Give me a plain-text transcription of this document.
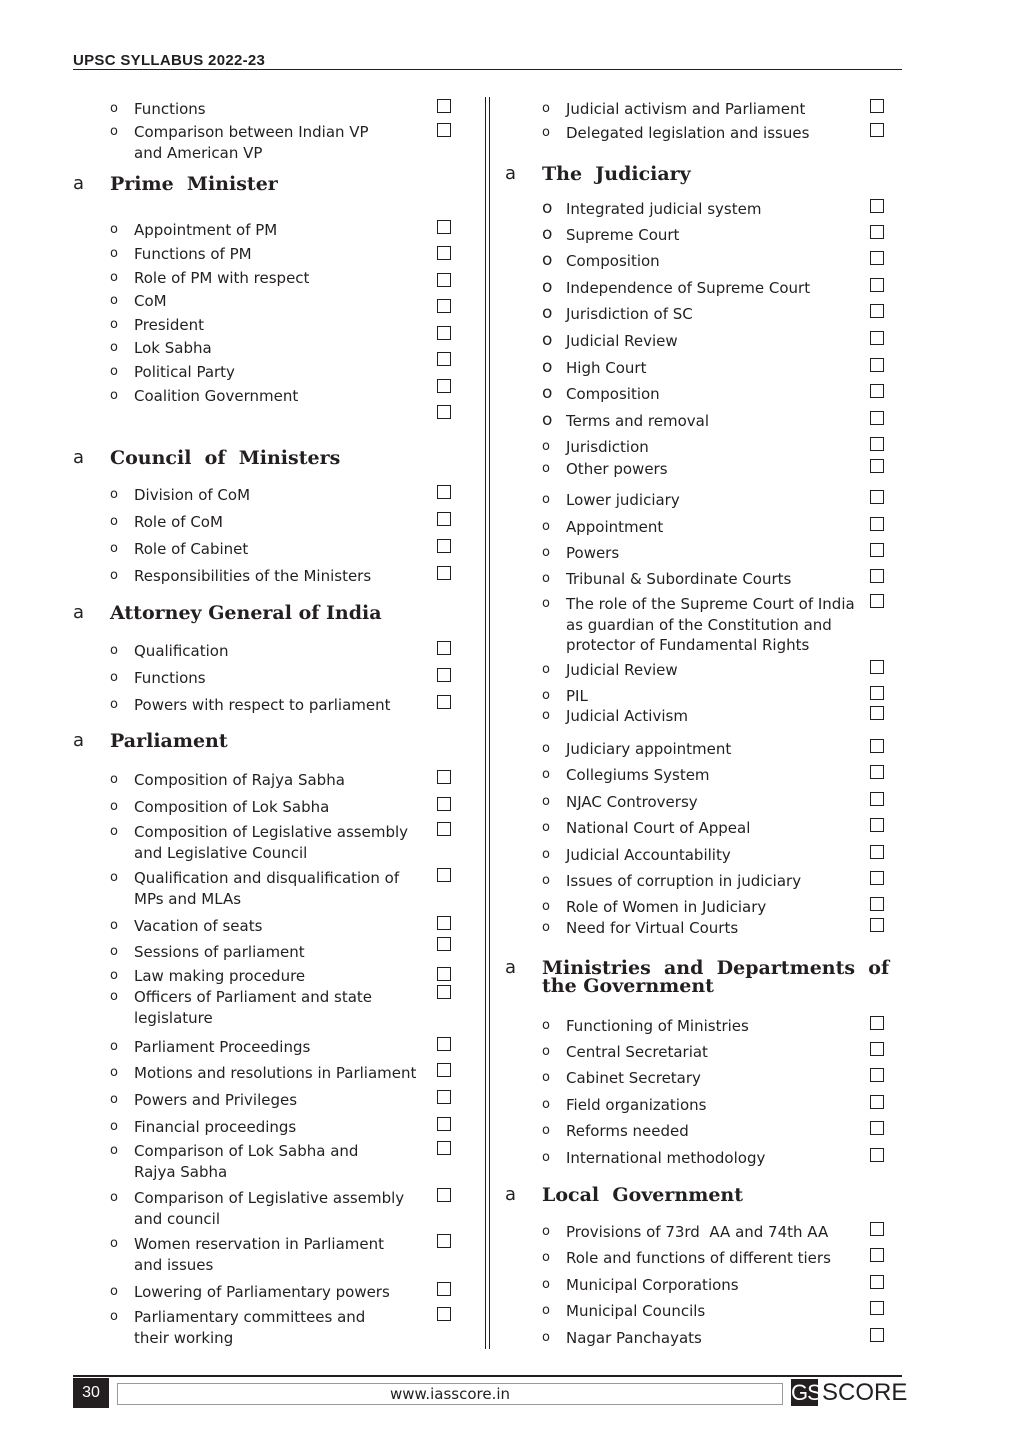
UPSC SYLLABUS 2022-23
o Functions
o Comparison between Indian VP
and American VP
a Prime  Minister
o Appointment of PM
o Functions of PM
o Role of PM with respect
o CoM
o President
o Lok Sabha
o Political Party
o Coalition Government
a Council  of  Ministers
o Division of CoM
o Role of CoM
o Role of Cabinet
o Responsibilities of the Ministers
a Attorney General of India
o Qualification
o Functions
o Powers with respect to parliament
a Parliament
o Composition of Rajya Sabha
o Composition of Lok Sabha
o Composition of Legislative assembly
and Legislative Council
o Qualification and disqualification of
MPs and MLAs
o Vacation of seats
o Sessions of parliament
o Law making procedure
o Officers of Parliament and state
legislature
o Parliament Proceedings
o Motions and resolutions in Parliament
o Powers and Privileges
o Financial proceedings
o Comparison of Lok Sabha and
Rajya Sabha
o Comparison of Legislative assembly
and council
o Women reservation in Parliament
and issues
o Lowering of Parliamentary powers
o Parliamentary committees and
their working
o Judicial activism and Parliament
o Delegated legislation and issues
a The  Judiciary
o Integrated judicial system
o Supreme Court
o Composition
o Independence of Supreme Court
o Jurisdiction of SC
o Judicial Review
o High Court
o Composition
o Terms and removal
o Jurisdiction
o Other powers
o Lower judiciary
o Appointment
o Powers
o Tribunal & Subordinate Courts
o The role of the Supreme Court of India
as guardian of the Constitution and
protector of Fundamental Rights
o Judicial Review
o PIL
o Judicial Activism
o Judiciary appointment
o Collegiums System
o NJAC Controversy
o National Court of Appeal
o Judicial Accountability
o Issues of corruption in judiciary
o Role of Women in Judiciary
o Need for Virtual Courts
a Ministries  and  Departments  of
the Government
o Functioning of Ministries
o Central Secretariat
o Cabinet Secretary
o Field organizations
o Reforms needed
o International methodology
a Local  Government
o Provisions of 73rd  AA and 74th AA
o Role and functions of different tiers
o Municipal Corporations
o Municipal Councils
o Nagar Panchayats
30	www.iasscore.in	GS SCORE
